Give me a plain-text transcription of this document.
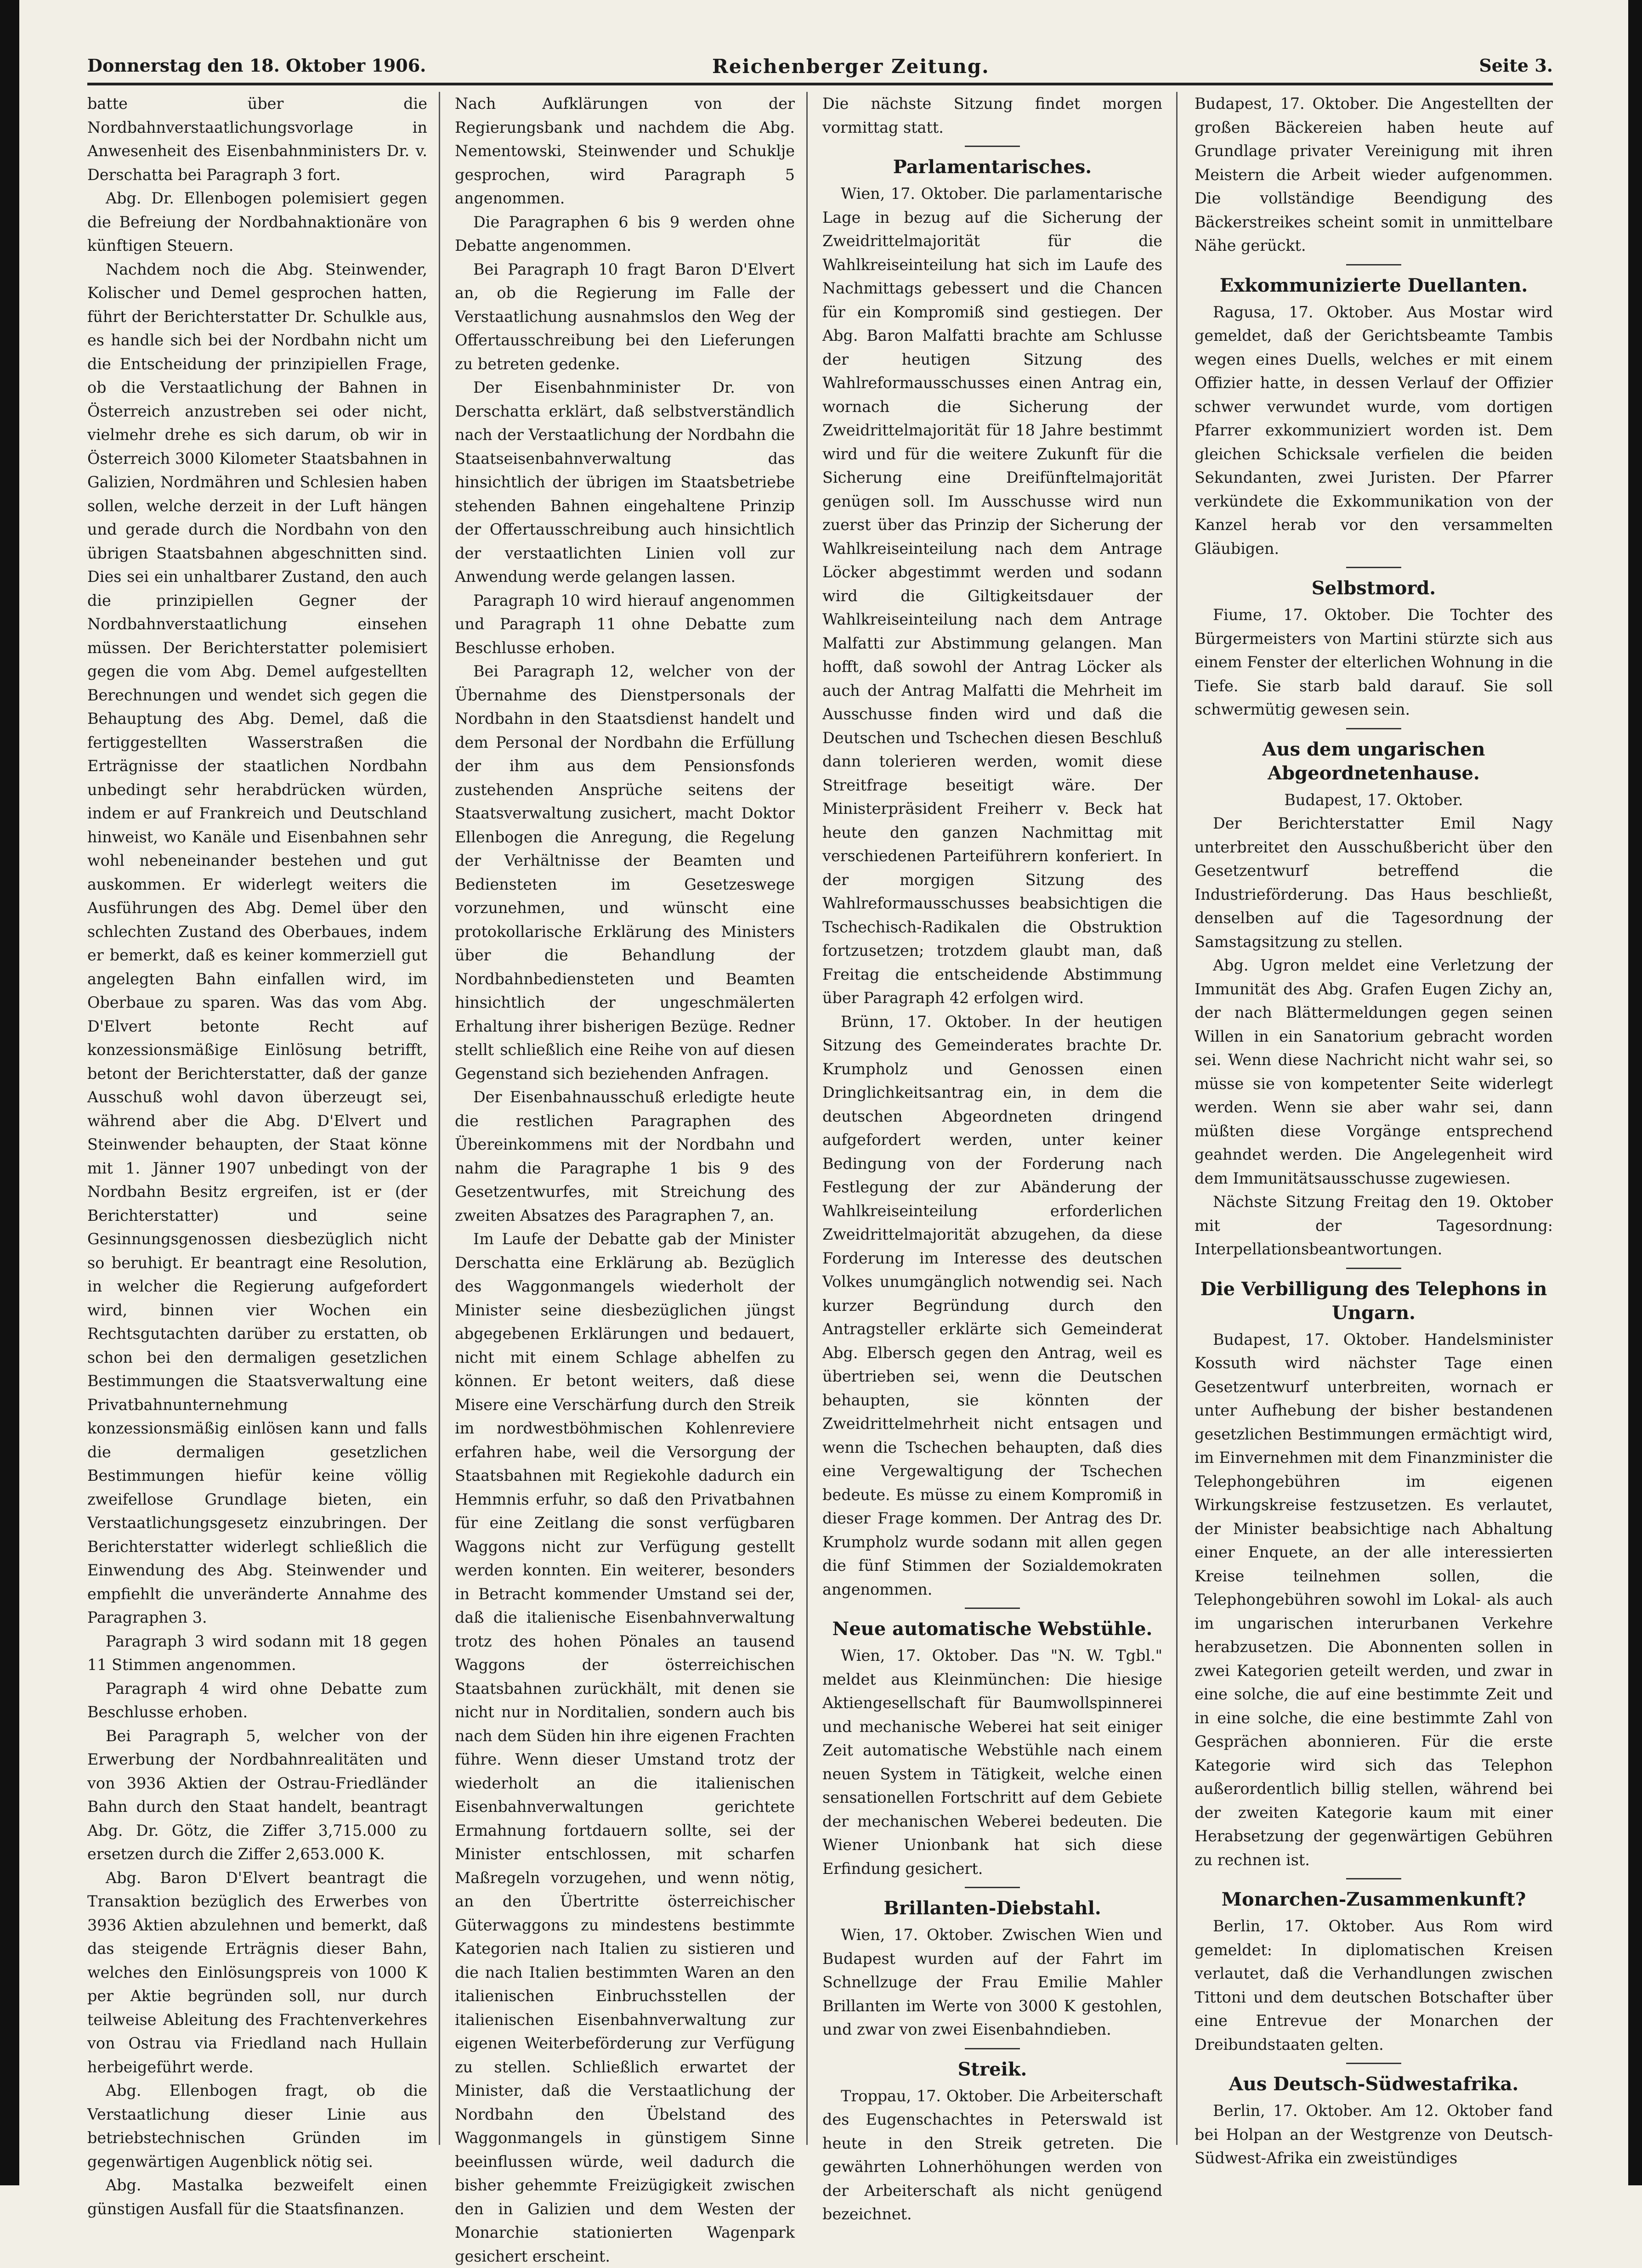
Donnerstag den 18. Oktober 1906.	Reichenberger Zeitung.	Seite 3.

batte über die Nordbahnverstaatlichungsvorlage in Anwesenheit des Eisenbahnministers Dr. v. Derschatta bei Paragraph 3 fort.

Abg. Dr. Ellenbogen polemisiert gegen die Befreiung der Nordbahnaktionäre von künftigen Steuern.

Nachdem noch die Abg. Steinwender, Kolischer und Demel gesprochen hatten, führt der Berichterstatter Dr. Schulkle aus, es handle sich bei der Nordbahn nicht um die Entscheidung der prinzipiellen Frage, ob die Verstaatlichung der Bahnen in Österreich anzustreben sei oder nicht, vielmehr drehe es sich darum, ob wir in Österreich 3000 Kilometer Staatsbahnen in Galizien, Nordmähren und Schlesien haben sollen, welche derzeit in der Luft hängen und gerade durch die Nordbahn von den übrigen Staatsbahnen abgeschnitten sind. Dies sei ein unhaltbarer Zustand, den auch die prinzipiellen Gegner der Nordbahnverstaatlichung einsehen müssen. Der Berichterstatter polemisiert gegen die vom Abg. Demel aufgestellten Berechnungen und wendet sich gegen die Behauptung des Abg. Demel, daß die fertiggestellten Wasserstraßen die Erträgnisse der staatlichen Nordbahn unbedingt sehr herabdrücken würden, indem er auf Frankreich und Deutschland hinweist, wo Kanäle und Eisenbahnen sehr wohl nebeneinander bestehen und gut auskommen. Er widerlegt weiters die Ausführungen des Abg. Demel über den schlechten Zustand des Oberbaues, indem er bemerkt, daß es keiner kommerziell gut angelegten Bahn einfallen wird, im Oberbaue zu sparen. Was das vom Abg. D'Elvert betonte Recht auf konzessionsmäßige Einlösung betrifft, betont der Berichterstatter, daß der ganze Ausschuß wohl davon überzeugt sei, während aber die Abg. D'Elvert und Steinwender behaupten, der Staat könne mit 1. Jänner 1907 unbedingt von der Nordbahn Besitz ergreifen, ist er (der Berichterstatter) und seine Gesinnungsgenossen diesbezüglich nicht so beruhigt. Er beantragt eine Resolution, in welcher die Regierung aufgefordert wird, binnen vier Wochen ein Rechtsgutachten darüber zu erstatten, ob schon bei den dermaligen gesetzlichen Bestimmungen die Staatsverwaltung eine Privatbahnunternehmung konzessionsmäßig einlösen kann und falls die dermaligen gesetzlichen Bestimmungen hiefür keine völlig zweifellose Grundlage bieten, ein Verstaatlichungsgesetz einzubringen. Der Berichterstatter widerlegt schließlich die Einwendung des Abg. Steinwender und empfiehlt die unveränderte Annahme des Paragraphen 3.

Paragraph 3 wird sodann mit 18 gegen 11 Stimmen angenommen.

Paragraph 4 wird ohne Debatte zum Beschlusse erhoben.

Bei Paragraph 5, welcher von der Erwerbung der Nordbahnrealitäten und von 3936 Aktien der Ostrau-Friedländer Bahn durch den Staat handelt, beantragt Abg. Dr. Götz, die Ziffer 3,715.000 zu ersetzen durch die Ziffer 2,653.000 K.

Abg. Baron D'Elvert beantragt die Transaktion bezüglich des Erwerbes von 3936 Aktien abzulehnen und bemerkt, daß das steigende Erträgnis dieser Bahn, welches den Einlösungspreis von 1000 K per Aktie begründen soll, nur durch teilweise Ableitung des Frachtenverkehres von Ostrau via Friedland nach Hullain herbeigeführt werde.

Abg. Ellenbogen fragt, ob die Verstaatlichung dieser Linie aus betriebstechnischen Gründen im gegenwärtigen Augenblick nötig sei.

Abg. Mastalka bezweifelt einen günstigen Ausfall für die Staatsfinanzen.

Nach Aufklärungen von der Regierungsbank und nachdem die Abg. Nementowski, Steinwender und Schuklje gesprochen, wird Paragraph 5 angenommen.

Die Paragraphen 6 bis 9 werden ohne Debatte angenommen.

Bei Paragraph 10 fragt Baron D'Elvert an, ob die Regierung im Falle der Verstaatlichung ausnahmslos den Weg der Offertausschreibung bei den Lieferungen zu betreten gedenke.

Der Eisenbahnminister Dr. von Derschatta erklärt, daß selbstverständlich nach der Verstaatlichung der Nordbahn die Staatseisenbahnverwaltung das hinsichtlich der übrigen im Staatsbetriebe stehenden Bahnen eingehaltene Prinzip der Offertausschreibung auch hinsichtlich der verstaatlichten Linien voll zur Anwendung werde gelangen lassen.

Paragraph 10 wird hierauf angenommen und Paragraph 11 ohne Debatte zum Beschlusse erhoben.

Bei Paragraph 12, welcher von der Übernahme des Dienstpersonals der Nordbahn in den Staatsdienst handelt und dem Personal der Nordbahn die Erfüllung der ihm aus dem Pensionsfonds zustehenden Ansprüche seitens der Staatsverwaltung zusichert, macht Doktor Ellenbogen die Anregung, die Regelung der Verhältnisse der Beamten und Bediensteten im Gesetzeswege vorzunehmen, und wünscht eine protokollarische Erklärung des Ministers über die Behandlung der Nordbahnbediensteten und Beamten hinsichtlich der ungeschmälerten Erhaltung ihrer bisherigen Bezüge. Redner stellt schließlich eine Reihe von auf diesen Gegenstand sich beziehenden Anfragen.

Der Eisenbahnausschuß erledigte heute die restlichen Paragraphen des Übereinkommens mit der Nordbahn und nahm die Paragraphe 1 bis 9 des Gesetzentwurfes, mit Streichung des zweiten Absatzes des Paragraphen 7, an.

Im Laufe der Debatte gab der Minister Derschatta eine Erklärung ab. Bezüglich des Waggonmangels wiederholt der Minister seine diesbezüglichen jüngst abgegebenen Erklärungen und bedauert, nicht mit einem Schlage abhelfen zu können. Er betont weiters, daß diese Misere eine Verschärfung durch den Streik im nordwestböhmischen Kohlenreviere erfahren habe, weil die Versorgung der Staatsbahnen mit Regiekohle dadurch ein Hemmnis erfuhr, so daß den Privatbahnen für eine Zeitlang die sonst verfügbaren Waggons nicht zur Verfügung gestellt werden konnten. Ein weiterer, besonders in Betracht kommender Umstand sei der, daß die italienische Eisenbahnverwaltung trotz des hohen Pönales an tausend Waggons der österreichischen Staatsbahnen zurückhält, mit denen sie nicht nur in Norditalien, sondern auch bis nach dem Süden hin ihre eigenen Frachten führe. Wenn dieser Umstand trotz der wiederholt an die italienischen Eisenbahnverwaltungen gerichtete Ermahnung fortdauern sollte, sei der Minister entschlossen, mit scharfen Maßregeln vorzugehen, und wenn nötig, an den Übertritte österreichischer Güterwaggons zu mindestens bestimmte Kategorien nach Italien zu sistieren und die nach Italien bestimmten Waren an den italienischen Einbruchsstellen der italienischen Eisenbahnverwaltung zur eigenen Weiterbeförderung zur Verfügung zu stellen. Schließlich erwartet der Minister, daß die Verstaatlichung der Nordbahn den Übelstand des Waggonmangels in günstigem Sinne beeinflussen würde, weil dadurch die bisher gehemmte Freizügigkeit zwischen den in Galizien und dem Westen der Monarchie stationierten Wagenpark gesichert erscheint.

Die nächste Sitzung findet morgen vormittag statt.

Parlamentarisches.

Wien, 17. Oktober. Die parlamentarische Lage in bezug auf die Sicherung der Zweidrittelmajorität für die Wahlkreiseinteilung hat sich im Laufe des Nachmittags gebessert und die Chancen für ein Kompromiß sind gestiegen. Der Abg. Baron Malfatti brachte am Schlusse der heutigen Sitzung des Wahlreformausschusses einen Antrag ein, wornach die Sicherung der Zweidrittelmajorität für 18 Jahre bestimmt wird und für die weitere Zukunft für die Sicherung eine Dreifünftelmajorität genügen soll. Im Ausschusse wird nun zuerst über das Prinzip der Sicherung der Wahlkreiseinteilung nach dem Antrage Löcker abgestimmt werden und sodann wird die Giltigkeitsdauer der Wahlkreiseinteilung nach dem Antrage Malfatti zur Abstimmung gelangen. Man hofft, daß sowohl der Antrag Löcker als auch der Antrag Malfatti die Mehrheit im Ausschusse finden wird und daß die Deutschen und Tschechen diesen Beschluß dann tolerieren werden, womit diese Streitfrage beseitigt wäre. Der Ministerpräsident Freiherr v. Beck hat heute den ganzen Nachmittag mit verschiedenen Parteiführern konferiert. In der morgigen Sitzung des Wahlreformausschusses beabsichtigen die Tschechisch-Radikalen die Obstruktion fortzusetzen; trotzdem glaubt man, daß Freitag die entscheidende Abstimmung über Paragraph 42 erfolgen wird.

Brünn, 17. Oktober. In der heutigen Sitzung des Gemeinderates brachte Dr. Krumpholz und Genossen einen Dringlichkeitsantrag ein, in dem die deutschen Abgeordneten dringend aufgefordert werden, unter keiner Bedingung von der Forderung nach Festlegung der zur Abänderung der Wahlkreiseinteilung erforderlichen Zweidrittelmajorität abzugehen, da diese Forderung im Interesse des deutschen Volkes unumgänglich notwendig sei. Nach kurzer Begründung durch den Antragsteller erklärte sich Gemeinderat Abg. Elbersch gegen den Antrag, weil es übertrieben sei, wenn die Deutschen behaupten, sie könnten der Zweidrittelmehrheit nicht entsagen und wenn die Tschechen behaupten, daß dies eine Vergewaltigung der Tschechen bedeute. Es müsse zu einem Kompromiß in dieser Frage kommen. Der Antrag des Dr. Krumpholz wurde sodann mit allen gegen die fünf Stimmen der Sozialdemokraten angenommen.

Neue automatische Webstühle.

Wien, 17. Oktober. Das "N. W. Tgbl." meldet aus Kleinmünchen: Die hiesige Aktiengesellschaft für Baumwollspinnerei und mechanische Weberei hat seit einiger Zeit automatische Webstühle nach einem neuen System in Tätigkeit, welche einen sensationellen Fortschritt auf dem Gebiete der mechanischen Weberei bedeuten. Die Wiener Unionbank hat sich diese Erfindung gesichert.

Brillanten-Diebstahl.

Wien, 17. Oktober. Zwischen Wien und Budapest wurden auf der Fahrt im Schnellzuge der Frau Emilie Mahler Brillanten im Werte von 3000 K gestohlen, und zwar von zwei Eisenbahndieben.

Streik.

Troppau, 17. Oktober. Die Arbeiterschaft des Eugenschachtes in Peterswald ist heute in den Streik getreten. Die gewährten Lohnerhöhungen werden von der Arbeiterschaft als nicht genügend bezeichnet.

Budapest, 17. Oktober. Die Angestellten der großen Bäckereien haben heute auf Grundlage privater Vereinigung mit ihren Meistern die Arbeit wieder aufgenommen. Die vollständige Beendigung des Bäckerstreikes scheint somit in unmittelbare Nähe gerückt.

Exkommunizierte Duellanten.

Ragusa, 17. Oktober. Aus Mostar wird gemeldet, daß der Gerichtsbeamte Tambis wegen eines Duells, welches er mit einem Offizier hatte, in dessen Verlauf der Offizier schwer verwundet wurde, vom dortigen Pfarrer exkommuniziert worden ist. Dem gleichen Schicksale verfielen die beiden Sekundanten, zwei Juristen. Der Pfarrer verkündete die Exkommunikation von der Kanzel herab vor den versammelten Gläubigen.

Selbstmord.

Fiume, 17. Oktober. Die Tochter des Bürgermeisters von Martini stürzte sich aus einem Fenster der elterlichen Wohnung in die Tiefe. Sie starb bald darauf. Sie soll schwermütig gewesen sein.

Aus dem ungarischen Abgeordnetenhause.

Budapest, 17. Oktober.

Der Berichterstatter Emil Nagy unterbreitet den Ausschußbericht über den Gesetzentwurf betreffend die Industrieförderung. Das Haus beschließt, denselben auf die Tagesordnung der Samstagsitzung zu stellen.

Abg. Ugron meldet eine Verletzung der Immunität des Abg. Grafen Eugen Zichy an, der nach Blättermeldungen gegen seinen Willen in ein Sanatorium gebracht worden sei. Wenn diese Nachricht nicht wahr sei, so müsse sie von kompetenter Seite widerlegt werden. Wenn sie aber wahr sei, dann müßten diese Vorgänge entsprechend geahndet werden. Die Angelegenheit wird dem Immunitätsausschusse zugewiesen.

Nächste Sitzung Freitag den 19. Oktober mit der Tagesordnung: Interpellationsbeantwortungen.

Die Verbilligung des Telephons in Ungarn.

Budapest, 17. Oktober. Handelsminister Kossuth wird nächster Tage einen Gesetzentwurf unterbreiten, wornach er unter Aufhebung der bisher bestandenen gesetzlichen Bestimmungen ermächtigt wird, im Einvernehmen mit dem Finanzminister die Telephongebühren im eigenen Wirkungskreise festzusetzen. Es verlautet, der Minister beabsichtige nach Abhaltung einer Enquete, an der alle interessierten Kreise teilnehmen sollen, die Telephongebühren sowohl im Lokal- als auch im ungarischen interurbanen Verkehre herabzusetzen. Die Abonnenten sollen in zwei Kategorien geteilt werden, und zwar in eine solche, die auf eine bestimmte Zeit und in eine solche, die eine bestimmte Zahl von Gesprächen abonnieren. Für die erste Kategorie wird sich das Telephon außerordentlich billig stellen, während bei der zweiten Kategorie kaum mit einer Herabsetzung der gegenwärtigen Gebühren zu rechnen ist.

Monarchen-Zusammenkunft?

Berlin, 17. Oktober. Aus Rom wird gemeldet: In diplomatischen Kreisen verlautet, daß die Verhandlungen zwischen Tittoni und dem deutschen Botschafter über eine Entrevue der Monarchen der Dreibundstaaten gelten.

Aus Deutsch-Südwestafrika.

Berlin, 17. Oktober. Am 12. Oktober fand bei Holpan an der Westgrenze von Deutsch-Südwest-Afrika ein zweistündiges
